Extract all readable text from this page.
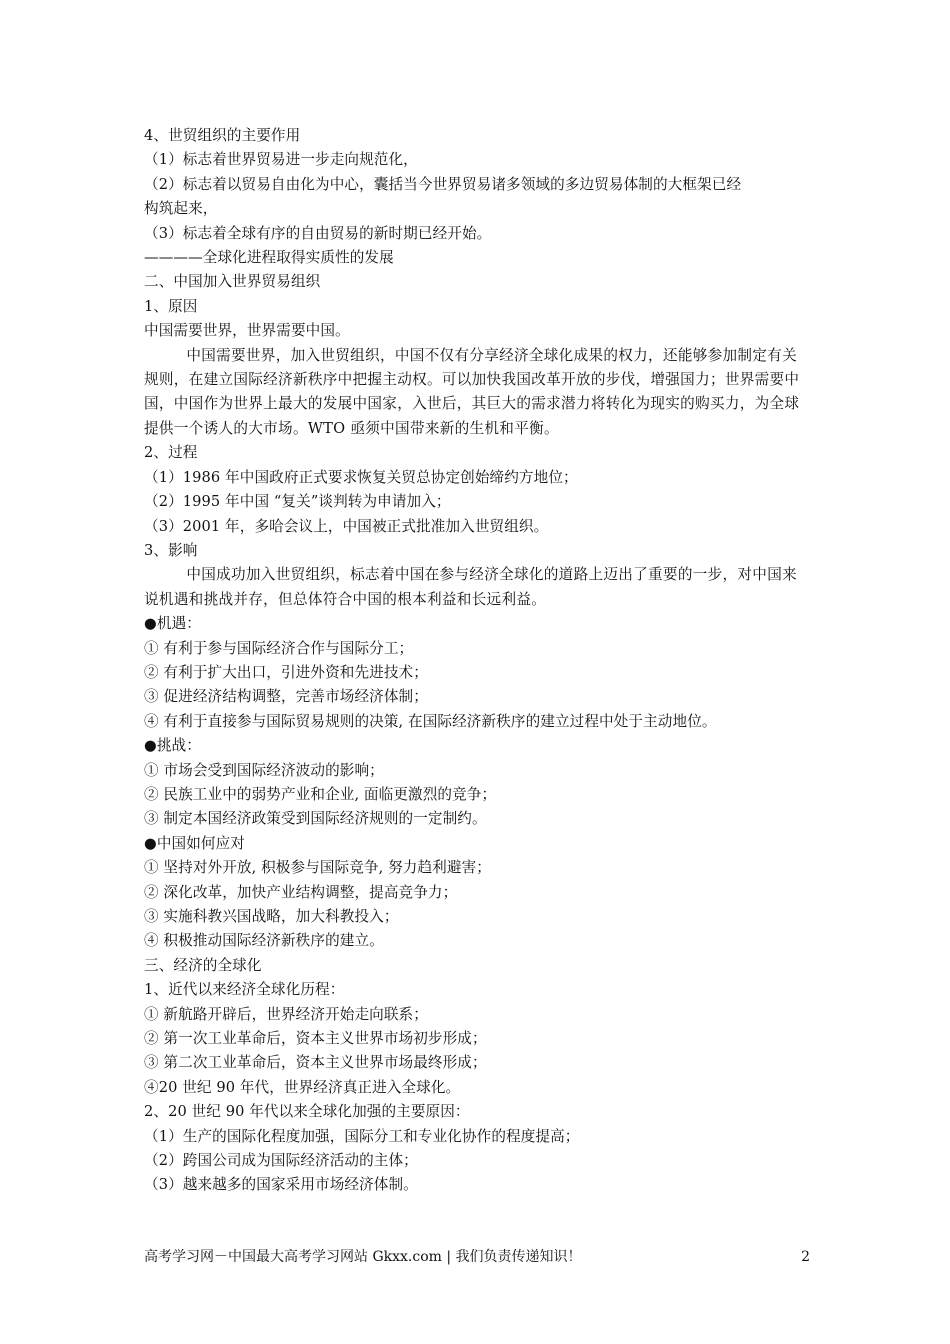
4、世贸组织的主要作用
（1）标志着世界贸易进一步走向规范化，
（2）标志着以贸易自由化为中心，囊括当今世界贸易诸多领域的多边贸易体制的大框架已经
构筑起来，
（3）标志着全球有序的自由贸易的新时期已经开始。
————全球化进程取得实质性的发展
二、中国加入世界贸易组织
1、原因
中国需要世界，世界需要中国。
中国需要世界，加入世贸组织，中国不仅有分享经济全球化成果的权力，还能够参加制定有关规则，在建立国际经济新秩序中把握主动权。可以加快我国改革开放的步伐，增强国力；世界需要中国，中国作为世界上最大的发展中国家，入世后，其巨大的需求潜力将转化为现实的购买力，为全球提供一个诱人的大市场。WTO 亟须中国带来新的生机和平衡。
2、过程
（1）1986 年中国政府正式要求恢复关贸总协定创始缔约方地位；
（2）1995 年中国 “复关”谈判转为申请加入；
（3）2001 年，多哈会议上，中国被正式批准加入世贸组织。
3、影响
中国成功加入世贸组织，标志着中国在参与经济全球化的道路上迈出了重要的一步，对中国来说机遇和挑战并存，但总体符合中国的根本利益和长远利益。
●机遇：
① 有利于参与国际经济合作与国际分工；
② 有利于扩大出口，引进外资和先进技术；
③ 促进经济结构调整，完善市场经济体制；
④ 有利于直接参与国际贸易规则的决策, 在国际经济新秩序的建立过程中处于主动地位。
●挑战：
① 市场会受到国际经济波动的影响；
② 民族工业中的弱势产业和企业, 面临更激烈的竞争；
③ 制定本国经济政策受到国际经济规则的一定制约。
●中国如何应对
① 坚持对外开放, 积极参与国际竞争, 努力趋利避害；
② 深化改革，加快产业结构调整，提高竞争力；
③ 实施科教兴国战略，加大科教投入；
④ 积极推动国际经济新秩序的建立。
三、经济的全球化
1、近代以来经济全球化历程：
① 新航路开辟后，世界经济开始走向联系；
② 第一次工业革命后，资本主义世界市场初步形成；
③ 第二次工业革命后，资本主义世界市场最终形成；
④20 世纪 90 年代，世界经济真正进入全球化。
2、20 世纪 90 年代以来全球化加强的主要原因：
（1）生产的国际化程度加强，国际分工和专业化协作的程度提高；
（2）跨国公司成为国际经济活动的主体；
（3）越来越多的国家采用市场经济体制。
高考学习网－中国最大高考学习网站 Gkxx.com | 我们负责传递知识！	2
